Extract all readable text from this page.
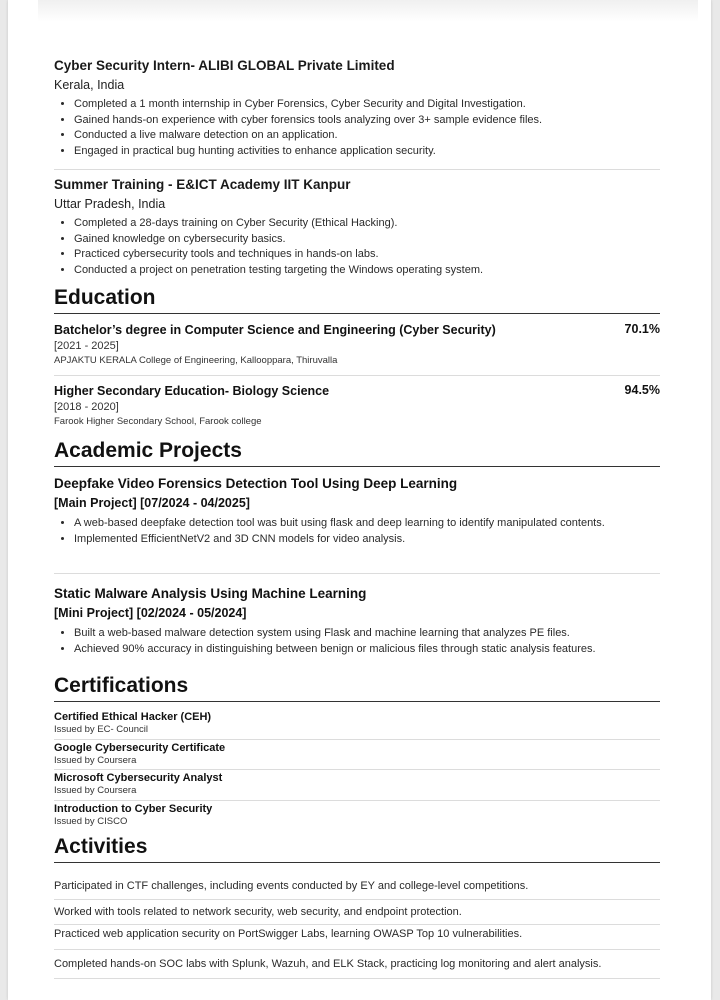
Cyber Security Intern- ALIBI GLOBAL Private Limited
Kerala, India
• Completed a 1 month internship in Cyber Forensics, Cyber Security and Digital Investigation.
• Gained hands-on experience with cyber forensics tools analyzing over 3+ sample evidence files.
• Conducted a live malware detection on an application.
• Engaged in practical bug hunting activities to enhance application security.
Summer Training - E&ICT Academy IIT Kanpur
Uttar Pradesh, India
• Completed a 28-days training on Cyber Security (Ethical Hacking).
• Gained knowledge on cybersecurity basics.
• Practiced cybersecurity tools and techniques in hands-on labs.
• Conducted a project on penetration testing targeting the Windows operating system.
Education
Batchelor’s degree in Computer Science and Engineering (Cyber Security)	70.1%
[2021 - 2025]
APJAKTU KERALA College of Engineering, Kallooppara, Thiruvalla
Higher Secondary Education- Biology Science	94.5%
[2018 - 2020]
Farook Higher Secondary School, Farook college
Academic Projects
Deepfake Video Forensics Detection Tool Using Deep Learning
[Main Project] [07/2024 - 04/2025]
• A web-based deepfake detection tool was buit using flask and deep learning to identify manipulated contents.
• Implemented EfficientNetV2 and 3D CNN models for video analysis.
Static Malware Analysis Using Machine Learning
[Mini Project] [02/2024 - 05/2024]
• Built a web-based malware detection system using Flask and machine learning that analyzes PE files.
• Achieved 90% accuracy in distinguishing between benign or malicious files through static analysis features.
Certifications
Certified Ethical Hacker (CEH)
Issued by EC- Council
Google Cybersecurity Certificate
Issued by Coursera
Microsoft Cybersecurity Analyst
Issued by Coursera
Introduction to Cyber Security
Issued by CISCO
Activities
Participated in CTF challenges, including events conducted by EY and college-level competitions.
Worked with tools related to network security, web security, and endpoint protection.
Practiced web application security on PortSwigger Labs, learning OWASP Top 10 vulnerabilities.
Completed hands-on SOC labs with Splunk, Wazuh, and ELK Stack, practicing log monitoring and alert analysis.
